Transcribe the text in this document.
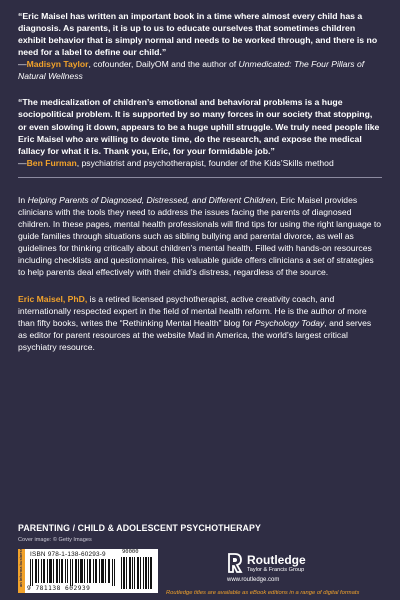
“Eric Maisel has written an important book in a time where almost every child has a diagnosis. As parents, it is up to us to educate ourselves that sometimes children exhibit behavior that is simply normal and needs to be worked through, and there is no need for a label to define our child.”

—Madisyn Taylor, cofounder, DailyOM and the author of Unmedicated: The Four Pillars of Natural Wellness

“The medicalization of children’s emotional and behavioral problems is a huge sociopolitical problem. It is supported by so many forces in our society that stopping, or even slowing it down, appears to be a huge uphill struggle. We truly need people like Eric Maisel who are willing to devote time, do the research, and expose the medical fallacy for what it is. Thank you, Eric, for your formidable job.”

—Ben Furman, psychiatrist and psychotherapist, founder of the Kids’Skills method

In Helping Parents of Diagnosed, Distressed, and Different Children, Eric Maisel provides clinicians with the tools they need to address the issues facing the parents of diagnosed children. In these pages, mental health professionals will find tips for using the right language to guide families through situations such as sibling bullying and parental divorce, as well as guidelines for thinking critically about children’s mental health. Filled with hands-on resources including checklists and questionnaires, this valuable guide offers clinicians a set of strategies to help parents deal effectively with their child’s distress, regardless of the source.

Eric Maisel, PhD, is a retired licensed psychotherapist, active creativity coach, and internationally respected expert in the field of mental health reform. He is the author of more than fifty books, writes the “Rethinking Mental Health” blog for Psychology Today, and serves as editor for parent resources at the website Mad in America, the world’s largest critical psychiatry resource.

PARENTING / CHILD & ADOLESCENT PSYCHOTHERAPY
Cover image: © Getty Images
an informa business ISBN 978-1-138-60293-9
9 781138 602939
90000
Routledge
Taylor & Francis Group
www.routledge.com
Routledge titles are available as eBook editions in a range of digital formats
